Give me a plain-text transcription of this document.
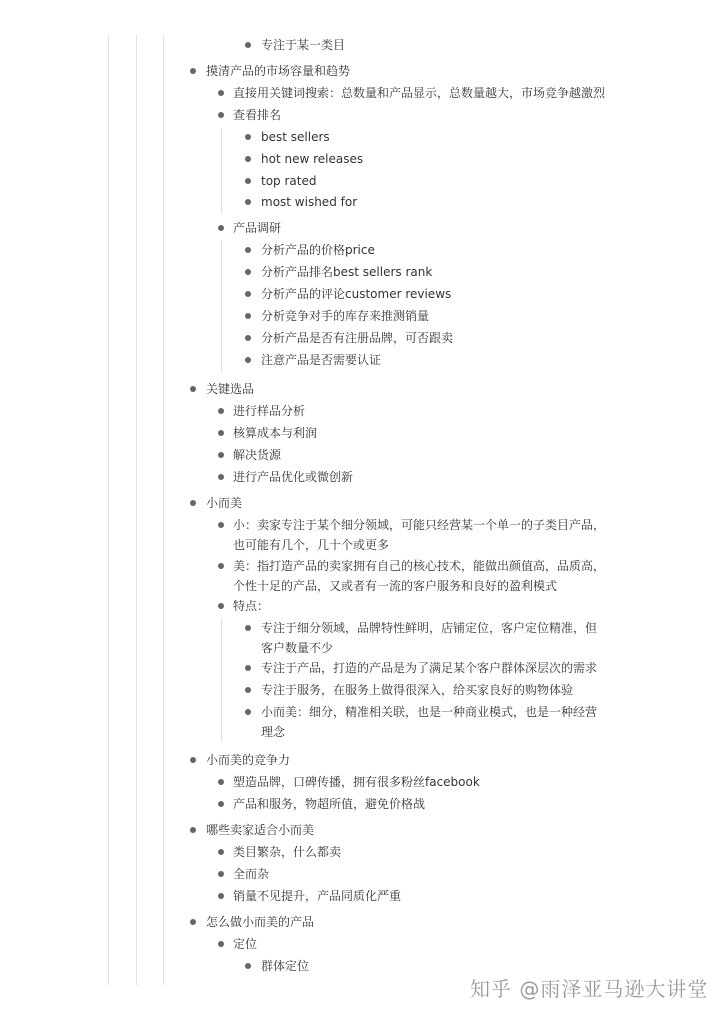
专注于某一类目
摸清产品的市场容量和趋势
直接用关键词搜索：总数量和产品显示，总数量越大，市场竞争越激烈
查看排名
best sellers
hot new releases
top rated
most wished for
产品调研
分析产品的价格price
分析产品排名best sellers rank
分析产品的评论customer reviews
分析竞争对手的库存来推测销量
分析产品是否有注册品牌，可否跟卖
注意产品是否需要认证
关键选品
进行样品分析
核算成本与利润
解决货源
进行产品优化或微创新
小而美
小：卖家专注于某个细分领域，可能只经营某一个单一的子类目产品，
也可能有几个，几十个或更多
美：指打造产品的卖家拥有自己的核心技术，能做出颜值高，品质高，
个性十足的产品，又或者有一流的客户服务和良好的盈利模式
特点：
专注于细分领域，品牌特性鲜明，店铺定位，客户定位精准，但
客户数量不少
专注于产品，打造的产品是为了满足某个客户群体深层次的需求
专注于服务，在服务上做得很深入，给买家良好的购物体验
小而美：细分，精准相关联，也是一种商业模式，也是一种经营
理念
小而美的竞争力
塑造品牌，口碑传播，拥有很多粉丝facebook
产品和服务，物超所值，避免价格战
哪些卖家适合小而美
类目繁杂，什么都卖
全而杂
销量不见提升，产品同质化严重
怎么做小而美的产品
定位
群体定位
知乎 @雨泽亚马逊大讲堂
